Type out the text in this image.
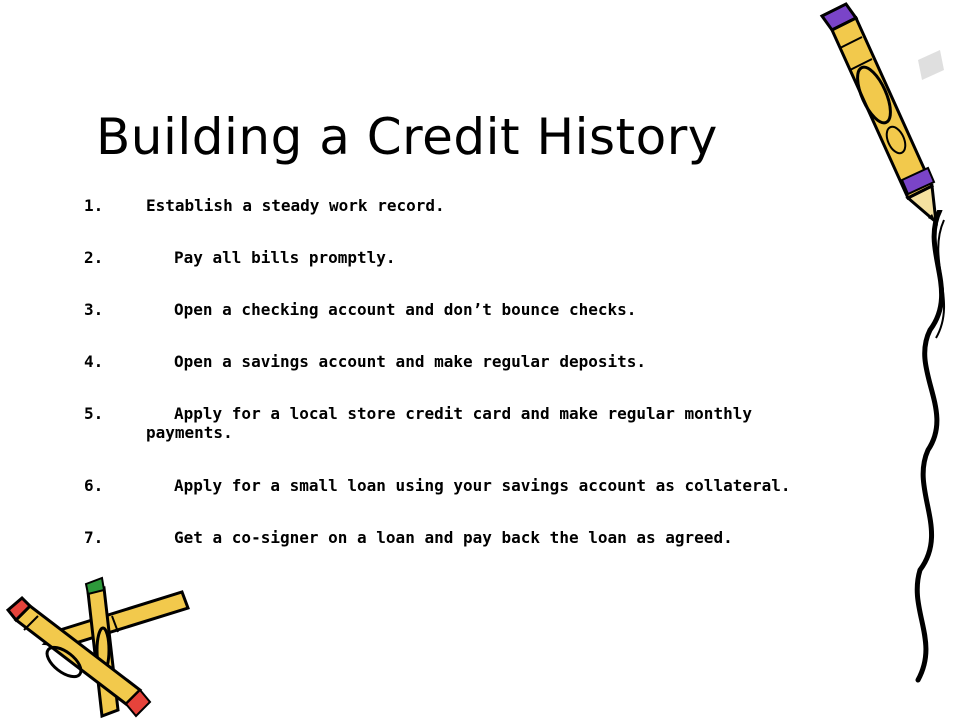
Building a Credit History
1.	Establish a steady work record.
2.	Pay all bills promptly.
3.	Open a checking account and don’t bounce checks.
4.	Open a savings account and make regular deposits.
5.	Apply for a local store credit card and make regular monthly payments.
6.	Apply for a small loan using your savings account as collateral.
7.	Get a co-signer on a loan and pay back the loan as agreed.
